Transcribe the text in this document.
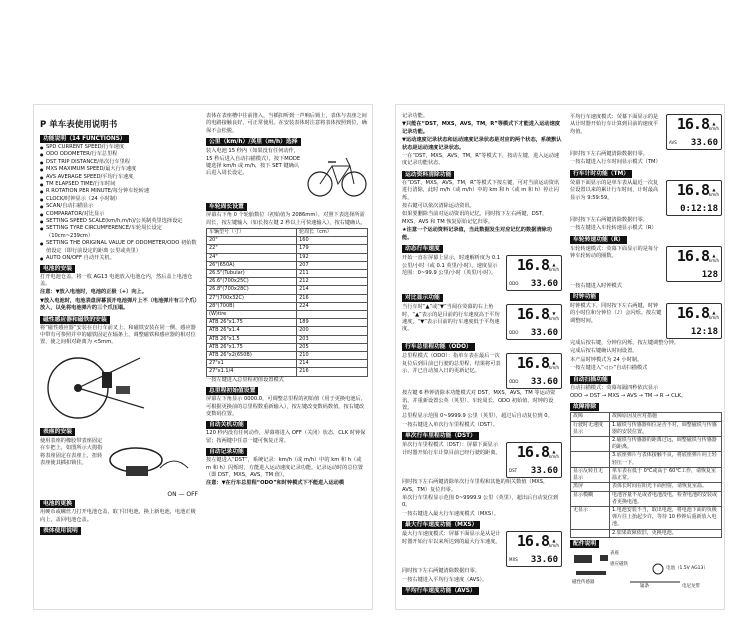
P 单车表使用说明书
功能说明（14 FUNCTIONS）
● SPD CURRENT SPEED/行车速度
● ODO ODOMETER/行车总里程
● DST TRIP DISTANCE/单次行车里程
● MXS MAXIMUM SPEED/最大行车速度
● AVS AVERAGE SPEED/平均行车速度
● TM ELAPSED TIME/行车时间
● R ROTATION PER MINUTE/每分钟车轮转速
● CLOCK/时钟显示（24 小时制）
● SCAN/自动扫描显示
● COMPARATOR/对比显示
● SETTING SPEED SCALE(km/h,m/h)/公英制英里选择设定
● SETTING TYRE CIRCUMFERENCE/车轮周长设定（10cm~239cm）
● SETTING THE ORIGINAL VALUE OF ODOMETER/ODO 初始数值设定（即行前设定的距离 公里或英里）
● AUTO ON/OFF 自动开关机。
电池的安装

打开电池仓盖，将一枚 AG13 电池放入电池仓内，然后盖上电池仓盖。

注意：▼放入电池时，电池的正极（+）向上。

▼放入电池时，电池表盘屏幕顶开电池弹片上不（电池弹片有三个爪）放入，以免将电池弹片的三个爪压塌。

磁性感应器和磁铁的安装

将“磁性感应器”安装在自行车前叉上，和磁铁安装在同一侧，感应器中带有可参照并中的磁铁固定在辐条上，调整磁铁和感应器的相对位置，使之间相对距离为 <5mm。

表座的安装

使用表座的橡胶带表座固定在车把上，如图所示大拇指将表座固定在表座上，扭转表座使其插扣锁住。

ON — OFF
电池的更换

用硬币或螺丝刀打开电池仓盖，取下旧电池，换上新电池，电池正极向上，盖回电池仓盖。

表体使用说明

表体在表座槽中往前推入，当插扣听到一声响后锁上，表体与表座之间的电路接触良好，可正常使用。在安装表体时注意将表体按照到位，确保不会松脱。

公里（km/h）/英里（m/h）选择

装入电池 15 秒内（如果没有任何动作，15 秒后进入自动扫描模式），按下MODE 键选择 km/h 或 m/h，按下 SET 键确认后进入周长设定。

车轮周长设置

屏幕右下角 0 个轮胎数位（初始值为 2086mm），对照下表选择所需周长，按左键输入（如长按左键 2 秒以上可快速输入），按右键确认。

车辆型号（寸）	轮周长（cm）
20"	160
22"	179
24"	192
26"(650A)	207
26.5"(Tubular)	211
26.6"(700x25C)	212
26.8"(700x28C)	214
27"(700x32C)	216
28"(700B)	224
(W)tire	
ATB 26"x1.75	189
ATB 26"x1.4	200
ATB 26"x1.5	203
ATB 26"x1.75	205
ATB 26"x2(650B)	210
27"x1	214
27"x1.1/4	216

一按左键进入总里程初值设置模式

总里程初始值设置

屏幕左下角显示 0000.0，可调整总里程的初始值（用于更换电池后，可根据更换前的总里程数重新输入），按左键改变数码数值，按右键改变数码位置。

自动关机功能

120 秒内没有任何动作，屏幕将进入 OFF（关闭）状态，CLK 时钟保留；按两键中任意一键可恢复正常。

自动记录功能

按左键进入“DST”，系统记录：km/h（或 m/h）中的 km 和 h（或 m 和 h）闪烁时，方能进入运动速度记录功能。记录运动时的总位置（即 DST，MXS，AVS，TM 值）。

注意：▼在行车总里程“ODO”和时钟模式下不能进入运动模

记录功能。

▼只能在“DST，MXS，AVS，TM，R”等模式下才能进入运动速度记录功能。

▼运动速度记录状态和运动速度记录状态是对应的两个状态，系统默认状态是运动速度记录状态。

一在“DST，MXS，AVS，TM，R”等模式下，按动左键，进入运动速度记录功能状态。

运动资料清除功能

在“DST，MXS，AVS，TM，R”等模式下按左键，可对当前运动资讯进行清除，此时 m/h（或 m/h）中的 km 和 h（或 m 和 h）停止闪烁。

按右键可以依次清除运动资讯。

如果要删除当前对运动资讯的记忆，同时按下左右两键，DST，MXS，AVS 和 TM 恢复原始记忆归零。

★注意一个运动资料记录值，当此数据发生对应记忆的数据清除功能。

动态行车速度

开始一直在屏幕上显示，时速解析度为 0.1 公里/小时（或 0.1 英里/小时）。速度显示范围：0~99.9 公里/小时（英里/小时）。

ODO
16.8 ▲
km/h
33.60
对比显示功能

当行车时“▲”或“▼”当阅在荧幕的右上角时，“▲”表示的是目前的行车速度高于平均速度，“▼”表示目前的行车速度低于平均速度。	ODO
16.8 ▼
km/h
33.60
行车总里程功能（ODO）

总里程模式（ODO）：指单车表在最后一次复位后到目前已行驶的总里程，结果将可表示，并已自动加入日的更新记忆。

ODO
16.8 ▲
km/h
33.60

按左键 6 秒钟清除本功能模式对 DST，MXS，AVS，TM 等运动资讯，并重新设置公英（英里）、车轮周长、ODO 初始值、时钟的设置。

总里程显示范围 0~9999.9 公里（英里），超过后自动复位到 0。

一按右键进入单次行车里程模式（DST）。

单次行车里程功能（DST）

单次行车里程模式（DST）：屏幕下面显示计时器开始行车计算目前已经行驶的距离。

DST
16.8 ▲
km/h
33.60

同时按下左右两键清除单次行车里程和其他的相关数值（MXS，AVS，TM）复位归零。

单次行车里程显示范围 0~9999.9 公里（英里），超出后自动复位到 0。

一按右键进入最大行车速度模式（MXS）。

最大行车速度功能（MXS）

最大行车速度模式：屏幕下面显示是从是计时器开始行车以来所达到的最大行车速度。

MXS
16.8 ▲
km/h
33.60

同时按下左右两键清除数据归零。

一按右键进入平均行车速度（AVS）。

平均行车速度功能（AVS）

平均行车速度模式：荧幕下面显示的是从计时器开始行车计算到目前的速度平均值。

AVS
16.8 ▲
km/h
33.60

同时按下左右两键清除数据归零。

一按右键进入行车时间显示模式（TM）

行车计时功能（TM）

荧幕下面显示的是单车表从最近一次复位设置以来的累计行车时间，计时最高显示为 9:59:59。	16.8 ▲
km/h
0:12:18

同时按下左右两键清除数据归零。

一按左键进入车轮转速显示模式（R）

车轮转速功能（R）

车轮转速模式：荧幕下面显示的是每分钟车轮转动的圈数。	16.8 ▲
km/h
128

一按右键进入时钟模式

时钟功能

时钟模式下，同时按下左右两键，时钟的小时位和分钟位（♪）会闪烁。按左键调整时间。	16.8 ▲
km/h
12:18

完成后按右键，分钟位闪烁，按左键调整分钟。

完成后按右键确认时间设置。

本产品时钟模式为 24 小时制。

一按左键进入“◁ ▷”自动扫描模式

自动扫描功能

自动扫描模式：荧幕每隔四秒依次显示

ODO → DST → MXS → AVS → TM → R → CLK。

故障排除
故障	故障原因及应对措施
行驶时无速度显示	1.磁铁与传感器相位是否不对，调整磁铁与传感器的安装位置。
	2.磁铁与传感器的距离过远，调整磁铁与传感器的距离。
	3.底座弹片与表体接触不良，将底座弹片向上轻轻压一下。
显示反转且无显示	单车表在低于 0℃或高于 60℃工作，请恢复室温正常。
黑屏	表体长时间在阳光下面照射，请恢复室温。
显示模糊	电池容量不足或者电池没电，检查电池的安装或者更换电池。
无显示	1.电池安装不当，取出电池，将电池下面的负极弹片往上抬起少许，等待 10 秒钟后重新放入电池。
	2.如果故障依旧，更换电池。
配件说明
表座
感应磁铁
电池（1.5V AG13）
磁性传感器
辐条	电尼龙带
